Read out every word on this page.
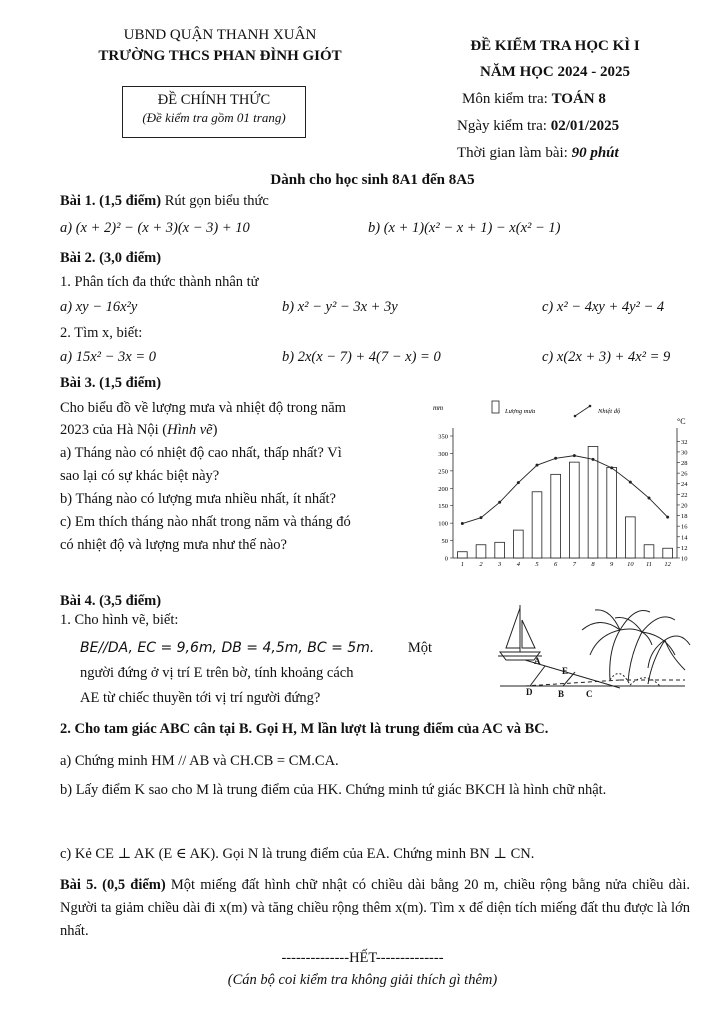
UBND QUẬN THANH XUÂN
TRƯỜNG THCS PHAN ĐÌNH GIÓT
ĐỀ CHÍNH THỨC
(Đề kiểm tra gồm 01 trang)
ĐỀ KIỂM TRA HỌC KÌ I
NĂM HỌC 2024 - 2025
Môn kiểm tra: TOÁN 8
Ngày kiểm tra: 02/01/2025
Thời gian làm bài: 90 phút
Dành cho học sinh 8A1 đến 8A5
Bài 1. (1,5 điểm) Rút gọn biểu thức
a) (x + 2)² − (x + 3)(x − 3) + 10	b) (x + 1)(x² − x + 1) − x(x² − 1)
Bài 2. (3,0 điểm)
1. Phân tích đa thức thành nhân tử
a) xy − 16x²y	b) x² − y² − 3x + 3y	c) x² − 4xy + 4y² − 4
2. Tìm x, biết:
a) 15x² − 3x = 0	b) 2x(x − 7) + 4(7 − x) = 0	c) x(2x + 3) + 4x² = 9
Bài 3. (1,5 điểm)
Cho biểu đồ về lượng mưa và nhiệt độ trong năm
2023 của Hà Nội (Hình vẽ)
a) Tháng nào có nhiệt độ cao nhất, thấp nhất? Vì
sao lại có sự khác biệt này?
b) Tháng nào có lượng mưa nhiều nhất, ít nhất?
c) Em thích tháng nào nhất trong năm và tháng đó
có nhiệt độ và lượng mưa như thế nào?
mm
°C
Lượng mưa	Nhiệt độ
0
50
100
150
200
250
300
350
10
12
14
16
18
20
22
24
26
28
30
32
1 2 3 4 5 6 7 8 9 10 11 12
Bài 4. (3,5 điểm)
1. Cho hình vẽ, biết:
BE//DA, EC = 9,6m, DB = 4,5m, BC = 5m. Một
người đứng ở vị trí E trên bờ, tính khoảng cách
AE từ chiếc thuyền tới vị trí người đứng?
A
B C
D
E
2. Cho tam giác ABC cân tại B. Gọi H, M lần lượt là trung điểm của AC và BC.
a) Chứng minh HM // AB và CH.CB = CM.CA.
b) Lấy điểm K sao cho M là trung điểm của HK. Chứng minh tứ giác BKCH là hình chữ nhật.
c) Kẻ CE ⊥ AK (E ∈ AK). Gọi N là trung điểm của EA. Chứng minh BN ⊥ CN.
Bài 5. (0,5 điểm) Một miếng đất hình chữ nhật có chiều dài bằng 20 m, chiều rộng bằng nửa chiều dài. Người ta giảm chiều dài đi x(m) và tăng chiều rộng thêm x(m). Tìm x để diện tích miếng đất thu được là lớn nhất.
--------------HẾT--------------
(Cán bộ coi kiểm tra không giải thích gì thêm)
